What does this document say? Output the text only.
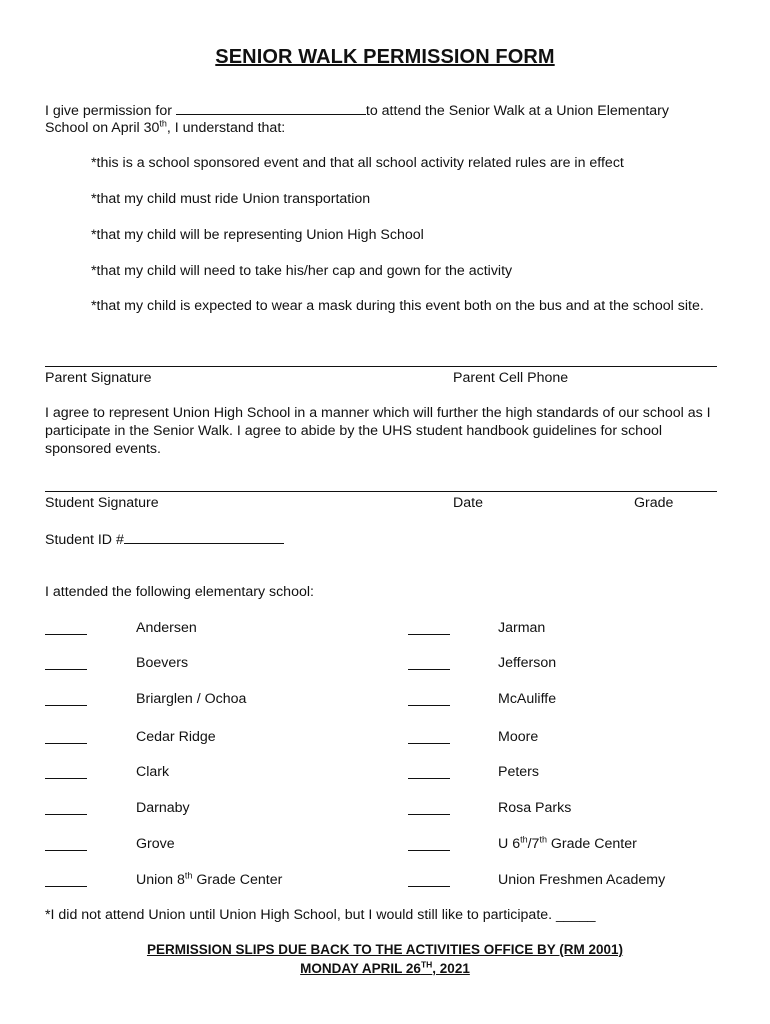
SENIOR WALK PERMISSION FORM
I give permission for	to attend the Senior Walk at a Union Elementary
School on April 30th, I understand that:
*this is a school sponsored event and that all school activity related rules are in effect
*that my child must ride Union transportation
*that my child will be representing Union High School
*that my child will need to take his/her cap and gown for the activity
*that my child is expected to wear a mask during this event both on the bus and at the school site.
Parent Signature	Parent Cell Phone
I agree to represent Union High School in a manner which will further the high standards of our school as I participate in the Senior Walk. I agree to abide by the UHS student handbook guidelines for school sponsored events.
Student Signature	Date	Grade
Student ID #
I attended the following elementary school:
Andersen
Boevers
Briarglen / Ochoa
Cedar Ridge
Clark
Darnaby
Grove
Union 8th Grade Center
Jarman
Jefferson
McAuliffe
Moore
Peters
Rosa Parks
U 6th/7th Grade Center
Union Freshmen Academy
*I did not attend Union until Union High School, but I would still like to participate. _____
PERMISSION SLIPS DUE BACK TO THE ACTIVITIES OFFICE BY (RM 2001)
MONDAY APRIL 26TH, 2021
